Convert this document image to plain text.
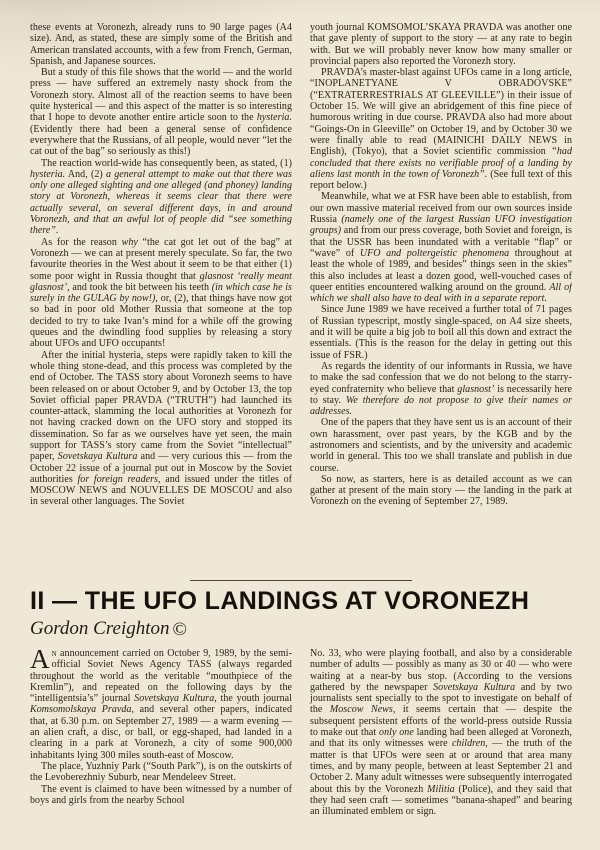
these events at Voronezh, already runs to 90 large pages (A4 size). And, as stated, these are simply some of the British and American translated accounts, with a few from French, German, Spanish, and Japanese sources.

But a study of this file shows that the world — and the world press — have suffered an extremely nasty shock from the Voronezh story. Almost all of the reaction seems to have been quite hysterical — and this aspect of the matter is so interesting that I hope to devote another entire article soon to the hysteria. (Evidently there had been a general sense of confidence everywhere that the Russians, of all people, would never “let the cat out of the bag” so seriously as this!)

The reaction world-wide has consequently been, as stated, (1) hysteria. And, (2) a general attempt to make out that there was only one alleged sighting and one alleged (and phoney) landing story at Voronezh, whereas it seems clear that there were actually several, on several different days, in and around Voronezh, and that an awful lot of people did “see something there”.

As for the reason why “the cat got let out of the bag” at Voronezh — we can at present merely speculate. So far, the two favourite theories in the West about it seem to be that either (1) some poor wight in Russia thought that glasnost ‘really meant glasnost’, and took the bit between his teeth (in which case he is surely in the GULAG by now!), or, (2), that things have now got so bad in poor old Mother Russia that someone at the top decided to try to take Ivan’s mind for a while off the growing queues and the dwindling food supplies by releasing a story about UFOs and UFO occupants!

After the initial hysteria, steps were rapidly taken to kill the whole thing stone-dead, and this process was completed by the end of October. The TASS story about Voronezh seems to have been released on or about October 9, and by October 13, the top Soviet official paper PRAVDA (“TRUTH”) had launched its counter-attack, slamming the local authorities at Voronezh for not having cracked down on the UFO story and stopped its dissemination. So far as we ourselves have yet seen, the main support for TASS’s story came from the Soviet “intellectual” paper, Sovetskaya Kultura and — very curious this — from the October 22 issue of a journal put out in Moscow by the Soviet authorities for foreign readers, and issued under the titles of MOSCOW NEWS and NOUVELLES DE MOSCOU and also in several other languages. The Soviet

youth journal KOMSOMOL’SKAYA PRAVDA was another one that gave plenty of support to the story — at any rate to begin with. But we will probably never know how many smaller or provincial papers also reported the Voronezh story.

PRAVDA’s master-blast against UFOs came in a long article, “INOPLANETYANE V OBRADOVSKE” (“EXTRATERRESTRIALS AT GLEEVILLE”) in their issue of October 15. We will give an abridgement of this fine piece of humorous writing in due course. PRAVDA also had more about “Goings-On in Gleeville” on October 19, and by October 30 we were finally able to read (MAINICHI DAILY NEWS in English), (Tokyo), that a Soviet scientific commission “had concluded that there exists no verifiable proof of a landing by aliens last month in the town of Voronezh”. (See full text of this report below.)

Meanwhile, what we at FSR have been able to establish, from our own massive material received from our own sources inside Russia (namely one of the largest Russian UFO investigation groups) and from our press coverage, both Soviet and foreign, is that the USSR has been inundated with a veritable “flap” or “wave” of UFO and poltergeistic phenomena throughout at least the whole of 1989, and besides” things seen in the skies” this also includes at least a dozen good, well-vouched cases of queer entities encountered walking around on the ground. All of which we shall also have to deal with in a separate report.

Since June 1989 we have received a further total of 71 pages of Russian typescript, mostly single-spaced, on A4 size sheets, and it will be quite a big job to boil all this down and extract the essentials. (This is the reason for the delay in getting out this issue of FSR.)

As regards the identity of our informants in Russia, we have to make the sad confession that we do not belong to the starry-eyed confraternity who believe that glasnost’ is necessarily here to stay. We therefore do not propose to give their names or addresses.

One of the papers that they have sent us is an account of their own harassment, over past years, by the KGB and by the astronomers and scientists, and by the university and academic world in general. This too we shall translate and publish in due course.

So now, as starters, here is as detailed account as we can gather at present of the main story — the landing in the park at Voronezh on the evening of September 27, 1989.

II — THE UFO LANDINGS AT VORONEZH
Gordon Creighton ©

An announcement carried on October 9, 1989, by the semi-official Soviet News Agency TASS (always regarded throughout the world as the veritable “mouthpiece of the Kremlin”), and repeated on the following days by the “intelligentsia’s” journal Sovetskaya Kultura, the youth journal Komsomolskaya Pravda, and several other papers, indicated that, at 6.30 p.m. on September 27, 1989 — a warm evening — an alien craft, a disc, or ball, or egg-shaped, had landed in a clearing in a park at Voronezh, a city of some 900,000 inhabitants lying 300 miles south-east of Moscow.

The place, Yuzhniy Park (“South Park”), is on the outskirts of the Levoberezhniy Suburb, near Mendeleev Street.

The event is claimed to have been witnessed by a number of boys and girls from the nearby School

No. 33, who were playing football, and also by a considerable number of adults — possibly as many as 30 or 40 — who were waiting at a near-by bus stop. (According to the versions gathered by the newspaper Sovetskaya Kultura and by two journalists sent specially to the spot to investigate on behalf of the Moscow News, it seems certain that — despite the subsequent persistent efforts of the world-press outside Russia to make out that only one landing had been alleged at Voronezh, and that its only witnesses were children, — the truth of the matter is that UFOs were seen at or around that area many times, and by many people, between at least September 21 and October 2. Many adult witnesses were subsequently interrogated about this by the Voronezh Militia (Police), and they said that they had seen craft — sometimes “banana-shaped” and bearing an illuminated emblem or sign.
